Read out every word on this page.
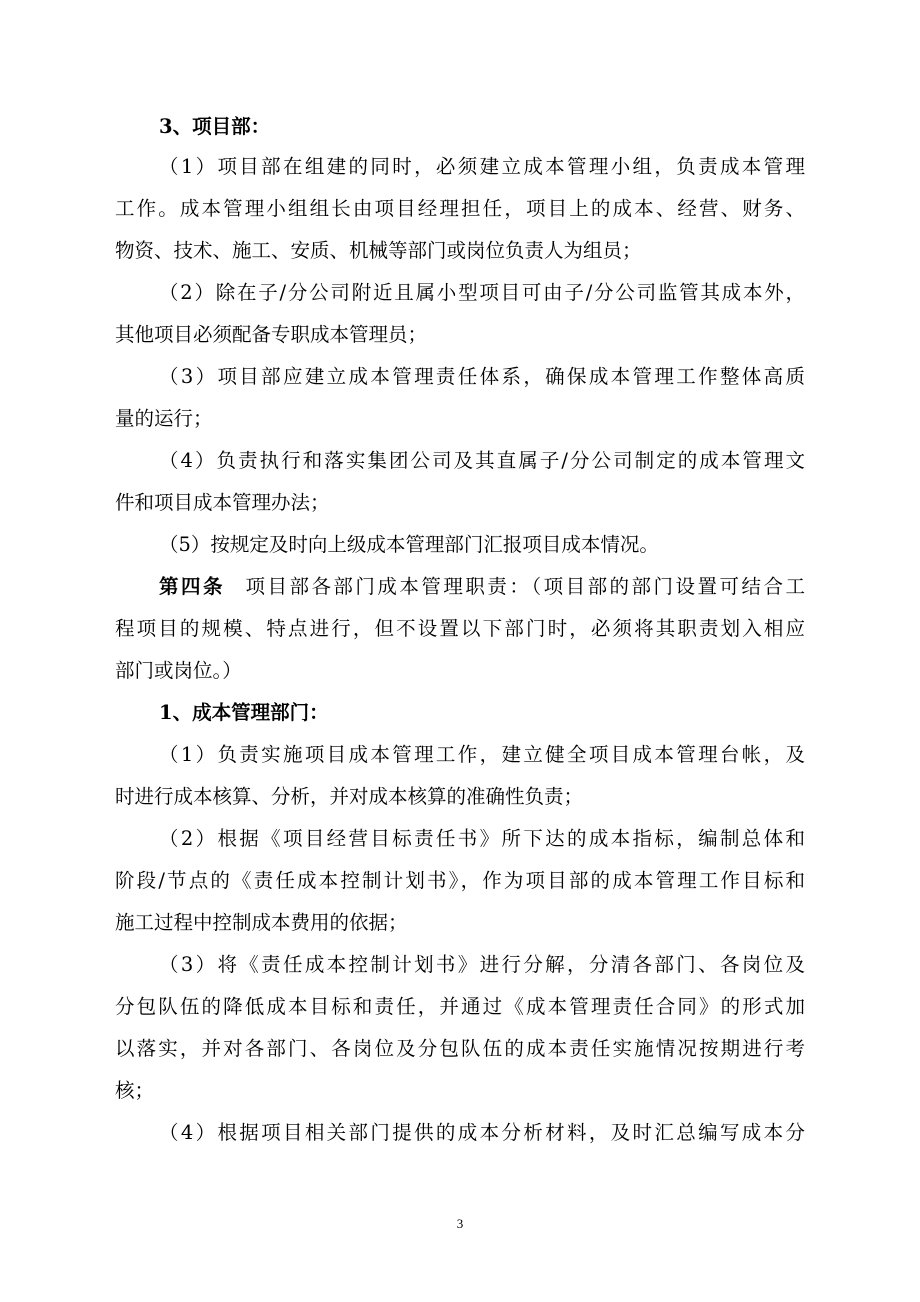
3、项目部：
（1）项目部在组建的同时，必须建立成本管理小组，负责成本管理
工作。成本管理小组组长由项目经理担任，项目上的成本、经营、财务、
物资、技术、施工、安质、机械等部门或岗位负责人为组员；
（2）除在子/分公司附近且属小型项目可由子/分公司监管其成本外，
其他项目必须配备专职成本管理员；
（3）项目部应建立成本管理责任体系，确保成本管理工作整体高质
量的运行；
（4）负责执行和落实集团公司及其直属子/分公司制定的成本管理文
件和项目成本管理办法；
（5）按规定及时向上级成本管理部门汇报项目成本情况。
第四条 项目部各部门成本管理职责：（项目部的部门设置可结合工
程项目的规模、特点进行，但不设置以下部门时，必须将其职责划入相应
部门或岗位。）
1、成本管理部门：
（1）负责实施项目成本管理工作，建立健全项目成本管理台帐，及
时进行成本核算、分析，并对成本核算的准确性负责；
（2）根据《项目经营目标责任书》所下达的成本指标，编制总体和
阶段/节点的《责任成本控制计划书》，作为项目部的成本管理工作目标和
施工过程中控制成本费用的依据；
（3）将《责任成本控制计划书》进行分解，分清各部门、各岗位及
分包队伍的降低成本目标和责任，并通过《成本管理责任合同》的形式加
以落实，并对各部门、各岗位及分包队伍的成本责任实施情况按期进行考
核；
（4）根据项目相关部门提供的成本分析材料，及时汇总编写成本分
3
